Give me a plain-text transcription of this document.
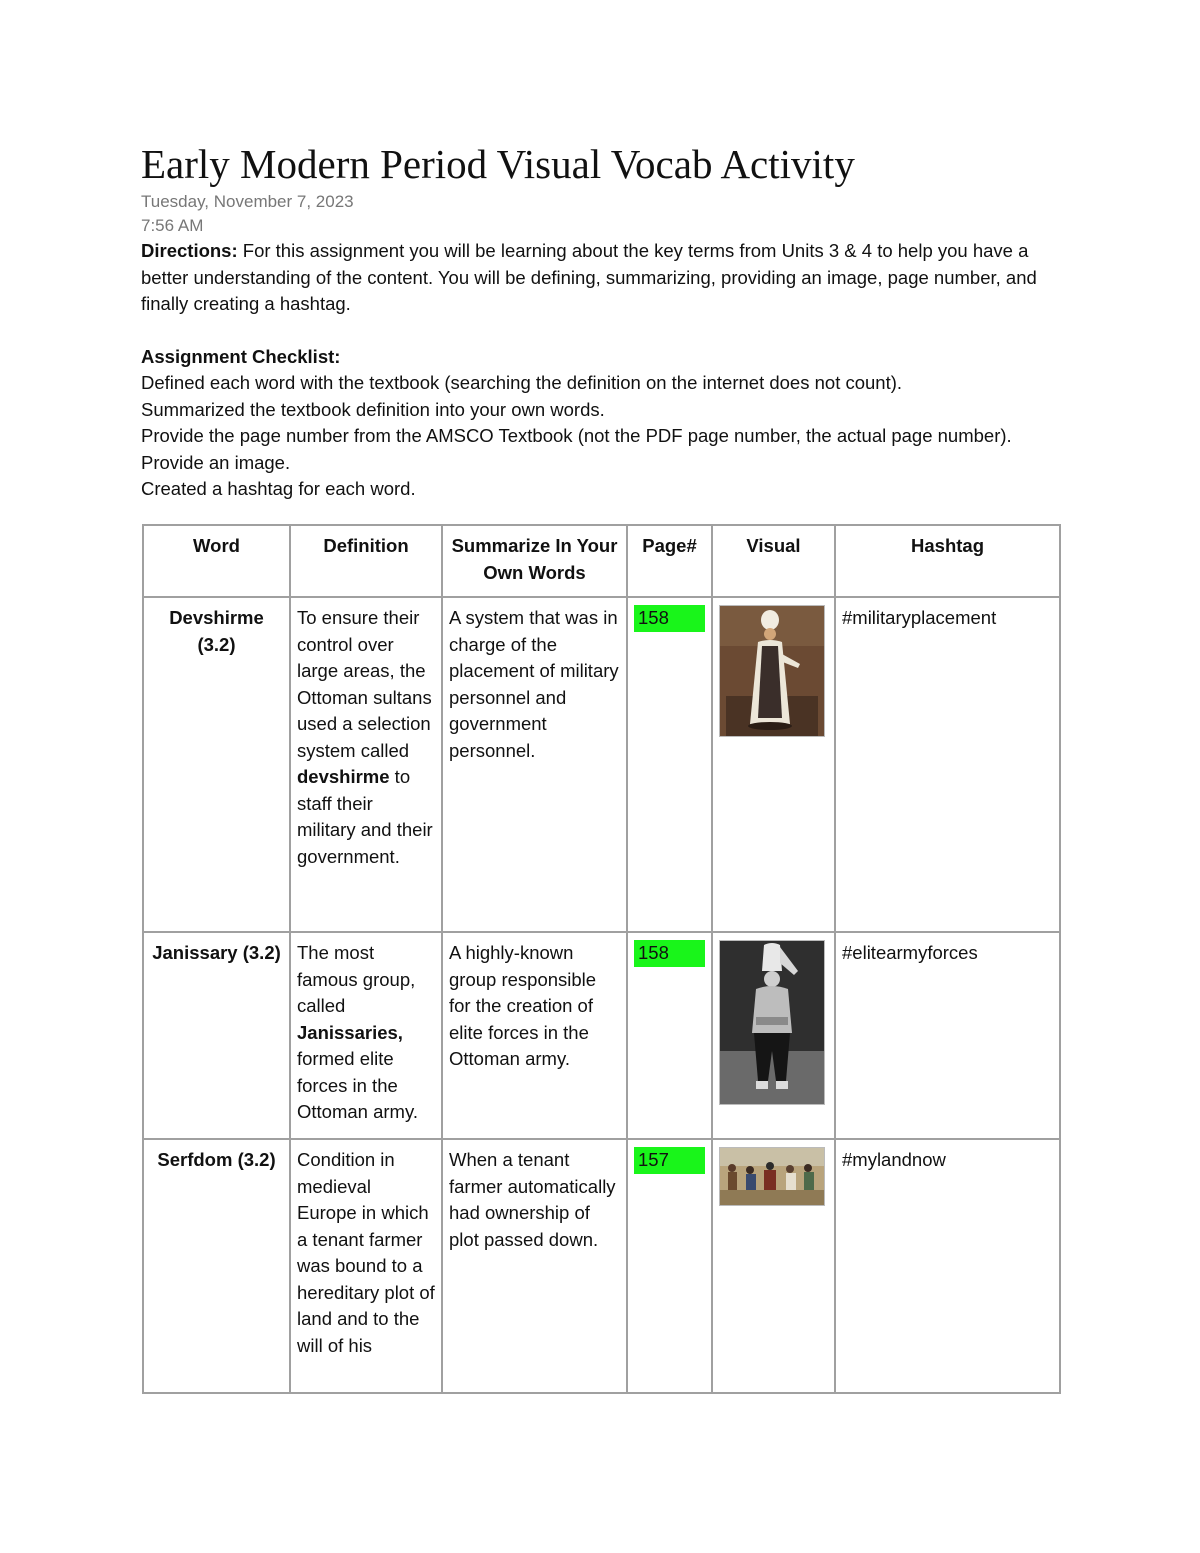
Early Modern Period Visual Vocab Activity
Tuesday, November 7, 2023
7:56 AM
Directions: For this assignment you will be learning about the key terms from Units 3 & 4 to help you have a better understanding of the content. You will be defining, summarizing, providing an image, page number, and finally creating a hashtag.
Assignment Checklist:
Defined each word with the textbook (searching the definition on the internet does not count).
Summarized the textbook definition into your own words.
Provide the page number from the AMSCO Textbook (not the PDF page number, the actual page number).
Provide an image.
Created a hashtag for each word.
Word	Definition	Summarize In Your Own Words	Page#	Visual	Hashtag
Devshirme (3.2)	To ensure their control over large areas, the Ottoman sultans used a selection system called devshirme to staff their military and their government.	A system that was in charge of the placement of military personnel and government personnel.	158		#militaryplacement
Janissary (3.2)	The most famous group, called Janissaries, formed elite forces in the Ottoman army.	A highly-known group responsible for the creation of elite forces in the Ottoman army.	158		#elitearmyforces
Serfdom (3.2)	Condition in medieval Europe in which a tenant farmer was bound to a hereditary plot of land and to the will of his	When a tenant farmer automatically had ownership of plot passed down.	157		#mylandnow
